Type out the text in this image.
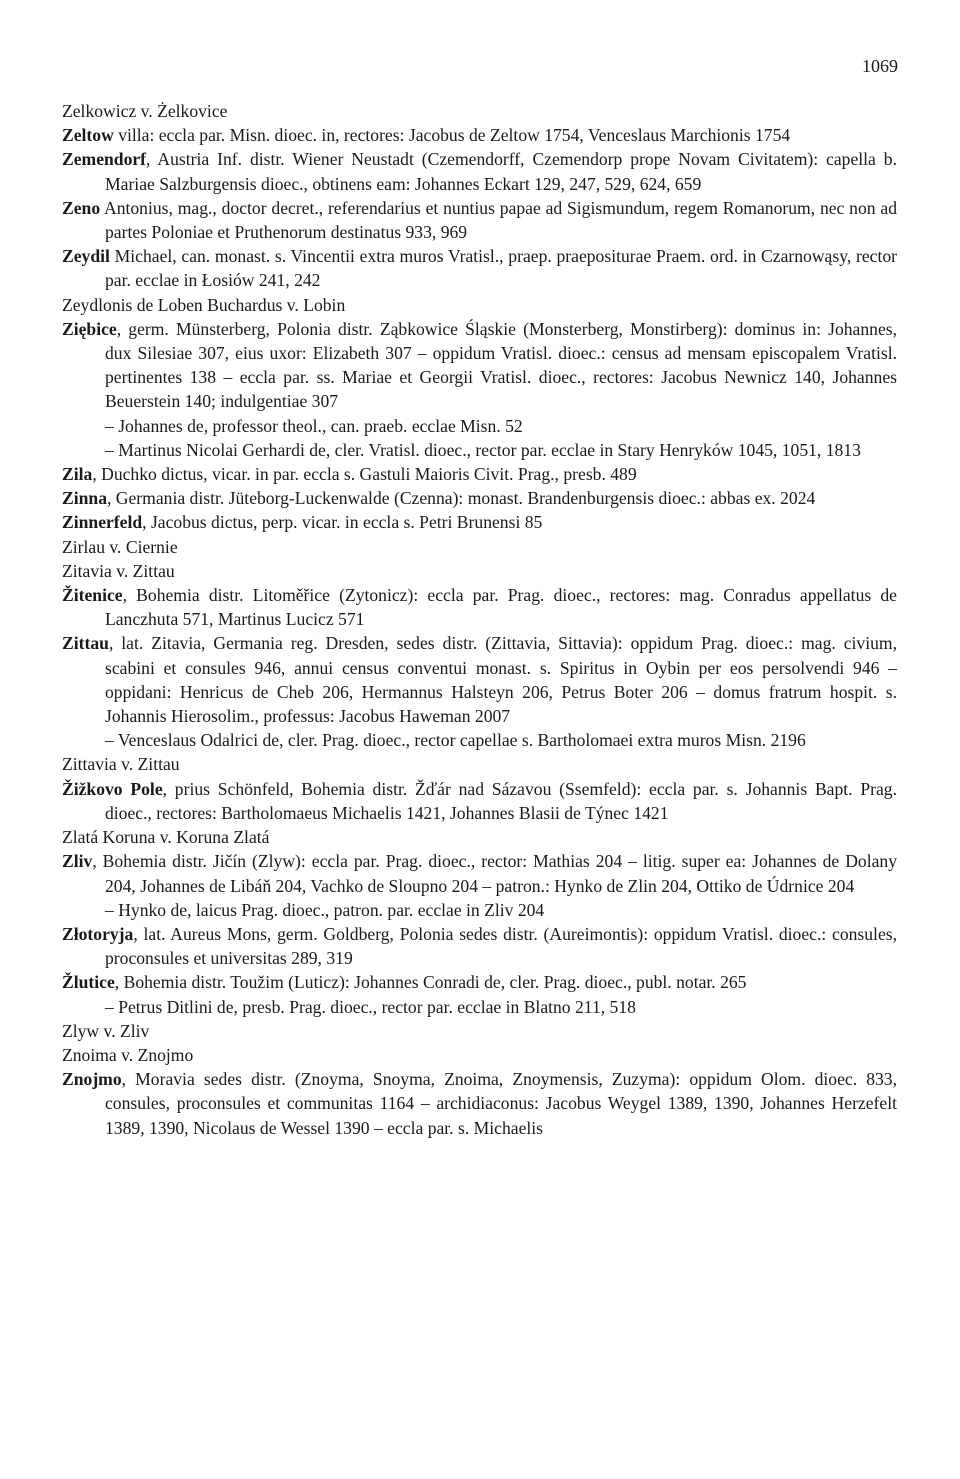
1069
Zelkowicz v. Żelkovice
Zeltow villa: eccla par. Misn. dioec. in, rectores: Jacobus de Zeltow 1754, Venceslaus Marchionis 1754
Zemendorf, Austria Inf. distr. Wiener Neustadt (Czemendorff, Czemendorp prope Novam Civitatem): capella b. Mariae Salzburgensis dioec., obtinens eam: Johannes Eckart 129, 247, 529, 624, 659
Zeno Antonius, mag., doctor decret., referendarius et nuntius papae ad Sigismundum, regem Romanorum, nec non ad partes Poloniae et Pruthenorum destinatus 933, 969
Zeydil Michael, can. monast. s. Vincentii extra muros Vratisl., praep. praeposituraе Praem. ord. in Czarnowąsy, rector par. ecclae in Łosiów 241, 242
Zeydlonis de Loben Buchardus v. Lobin
Ziębice, germ. Münsterberg, Polonia distr. Ząbkowice Śląskie (Monsterberg, Monstirberg): dominus in: Johannes, dux Silesiae 307, eius uxor: Elizabeth 307 – oppidum Vratisl. dioec.: census ad mensam episcopalem Vratisl. pertinentes 138 – eccla par. ss. Mariae et Georgii Vratisl. dioec., rectores: Jacobus Newnicz 140, Johannes Beuerstein 140; indulgentiae 307
– Johannes de, professor theol., can. praeb. ecclae Misn. 52
– Martinus Nicolai Gerhardi de, cler. Vratisl. dioec., rector par. ecclae in Stary Henryków 1045, 1051, 1813
Zila, Duchko dictus, vicar. in par. eccla s. Gastuli Maioris Civit. Prag., presb. 489
Zinna, Germania distr. Jüteborg-Luckenwalde (Czenna): monast. Brandenburgensis dioec.: abbas ex. 2024
Zinnerfeld, Jacobus dictus, perp. vicar. in eccla s. Petri Brunensi 85
Zirlau v. Ciernie
Zitavia v. Zittau
Žitenice, Bohemia distr. Litoměřice (Zytonicz): eccla par. Prag. dioec., rectores: mag. Conradus appellatus de Lanczhuta 571, Martinus Lucicz 571
Zittau, lat. Zitavia, Germania reg. Dresden, sedes distr. (Zittavia, Sittavia): oppidum Prag. dioec.: mag. civium, scabini et consules 946, annui census conventui monast. s. Spiritus in Oybin per eos persolvendi 946 – oppidani: Henricus de Cheb 206, Hermannus Halsteyn 206, Petrus Boter 206 – domus fratrum hospit. s. Johannis Hierosolim., professus: Jacobus Haweman 2007
– Venceslaus Odalrici de, cler. Prag. dioec., rector capellae s. Bartholomaei extra muros Misn. 2196
Zittavia v. Zittau
Žižkovo Pole, prius Schönfeld, Bohemia distr. Žďár nad Sázavou (Ssemfeld): eccla par. s. Johannis Bapt. Prag. dioec., rectores: Bartholomaeus Michaelis 1421, Johannes Blasii de Týnec 1421
Zlatá Koruna v. Koruna Zlatá
Zliv, Bohemia distr. Jičín (Zlyw): eccla par. Prag. dioec., rector: Mathias 204 – litig. super ea: Johannes de Dolany 204, Johannes de Libáň 204, Vachko de Sloupno 204 – patron.: Hynko de Zlin 204, Ottiko de Údrnice 204
– Hynko de, laicus Prag. dioec., patron. par. ecclae in Zliv 204
Złotoryja, lat. Aureus Mons, germ. Goldberg, Polonia sedes distr. (Aureimontis): oppidum Vratisl. dioec.: consules, proconsules et universitas 289, 319
Žlutice, Bohemia distr. Toužim (Luticz): Johannes Conradi de, cler. Prag. dioec., publ. notar. 265
– Petrus Ditlini de, presb. Prag. dioec., rector par. ecclae in Blatno 211, 518
Zlyw v. Zliv
Znoima v. Znojmo
Znojmo, Moravia sedes distr. (Znoyma, Snoyma, Znoima, Znoymensis, Zuzyma): oppidum Olom. dioec. 833, consules, proconsules et communitas 1164 – archidiaconus: Jacobus Weygel 1389, 1390, Johannes Herzefelt 1389, 1390, Nicolaus de Wessel 1390 – eccla par. s. Michaelis
